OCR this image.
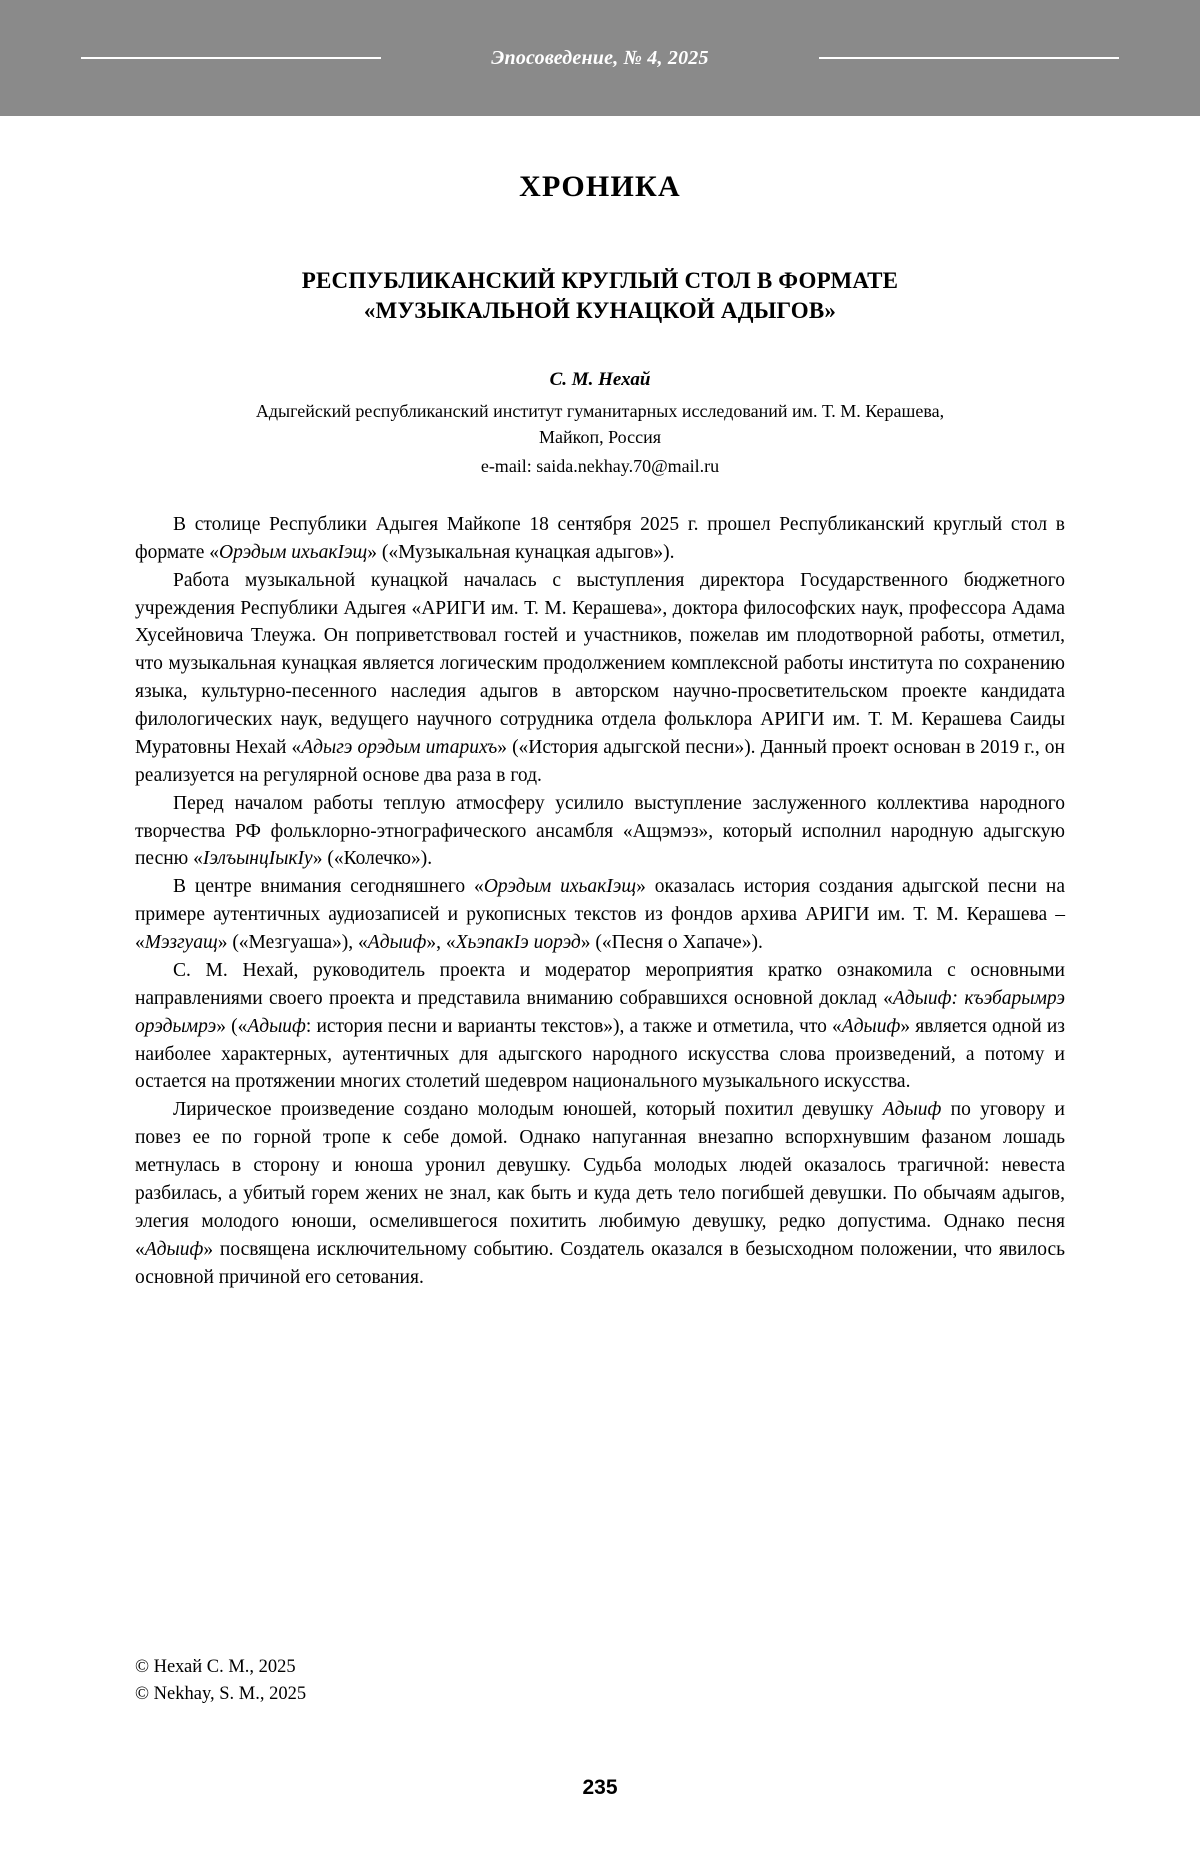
Эпосоведение, № 4, 2025
ХРОНИКА
РЕСПУБЛИКАНСКИЙ КРУГЛЫЙ СТОЛ В ФОРМАТЕ
«МУЗЫКАЛЬНОЙ КУНАЦКОЙ АДЫГОВ»
С. М. Нехай
Адыгейский республиканский институт гуманитарных исследований им. Т. М. Керашева,
Майкоп, Россия
e-mail: saida.nekhay.70@mail.ru

В столице Республики Адыгея Майкопе 18 сентября 2025 г. прошел Республиканский круглый стол в формате «Орэдым ихьакIэщ» («Музыкальная кунацкая адыгов»).

Работа музыкальной кунацкой началась с выступления директора Государственного бюджетного учреждения Республики Адыгея «АРИГИ им. Т. М. Керашева», доктора философских наук, профессора Адама Хусейновича Тлеужа. Он поприветствовал гостей и участников, пожелав им плодотворной работы, отметил, что музыкальная кунацкая является логическим продолжением комплексной работы института по сохранению языка, культурно-песенного наследия адыгов в авторском научно-просветительском проекте кандидата филологических наук, ведущего научного сотрудника отдела фольклора АРИГИ им. Т. М. Керашева Саиды Муратовны Нехай «Адыгэ орэдым итарихъ» («История адыгской песни»). Данный проект основан в 2019 г., он реализуется на регулярной основе два раза в год.

Перед началом работы теплую атмосферу усилило выступление заслуженного коллектива народного творчества РФ фольклорно-этнографического ансамбля «Ащэмэз», который исполнил народную адыгскую песню «IэлъынцIыкIу» («Колечко»).

В центре внимания сегодняшнего «Орэдым ихьакIэщ» оказалась история создания адыгской песни на примере аутентичных аудиозаписей и рукописных текстов из фондов архива АРИГИ им. Т. М. Керашева – «Мэзгуащ» («Мезгуаша»), «Адыиф», «ХьэпакIэ иорэд» («Песня о Хапаче»).

С. М. Нехай, руководитель проекта и модератор мероприятия кратко ознакомила с основными направлениями своего проекта и представила вниманию собравшихся основной доклад «Адыиф: къэбарымрэ орэдымрэ» («Адыиф: история песни и варианты текстов»), а также и отметила, что «Адыиф» является одной из наиболее характерных, аутентичных для адыгского народного искусства слова произведений, а потому и остается на протяжении многих столетий шедевром национального музыкального искусства.

Лирическое произведение создано молодым юношей, который похитил девушку Адыиф по уговору и повез ее по горной тропе к себе домой. Однако напуганная внезапно вспорхнувшим фазаном лошадь метнулась в сторону и юноша уронил девушку. Судьба молодых людей оказалось трагичной: невеста разбилась, а убитый горем жених не знал, как быть и куда деть тело погибшей девушки. По обычаям адыгов, элегия молодого юноши, осмелившегося похитить любимую девушку, редко допустима. Однако песня «Адыиф» посвящена исключительному событию. Создатель оказался в безысходном положении, что явилось основной причиной его сетования.

© Нехай С. М., 2025
© Nekhay, S. M., 2025
235
